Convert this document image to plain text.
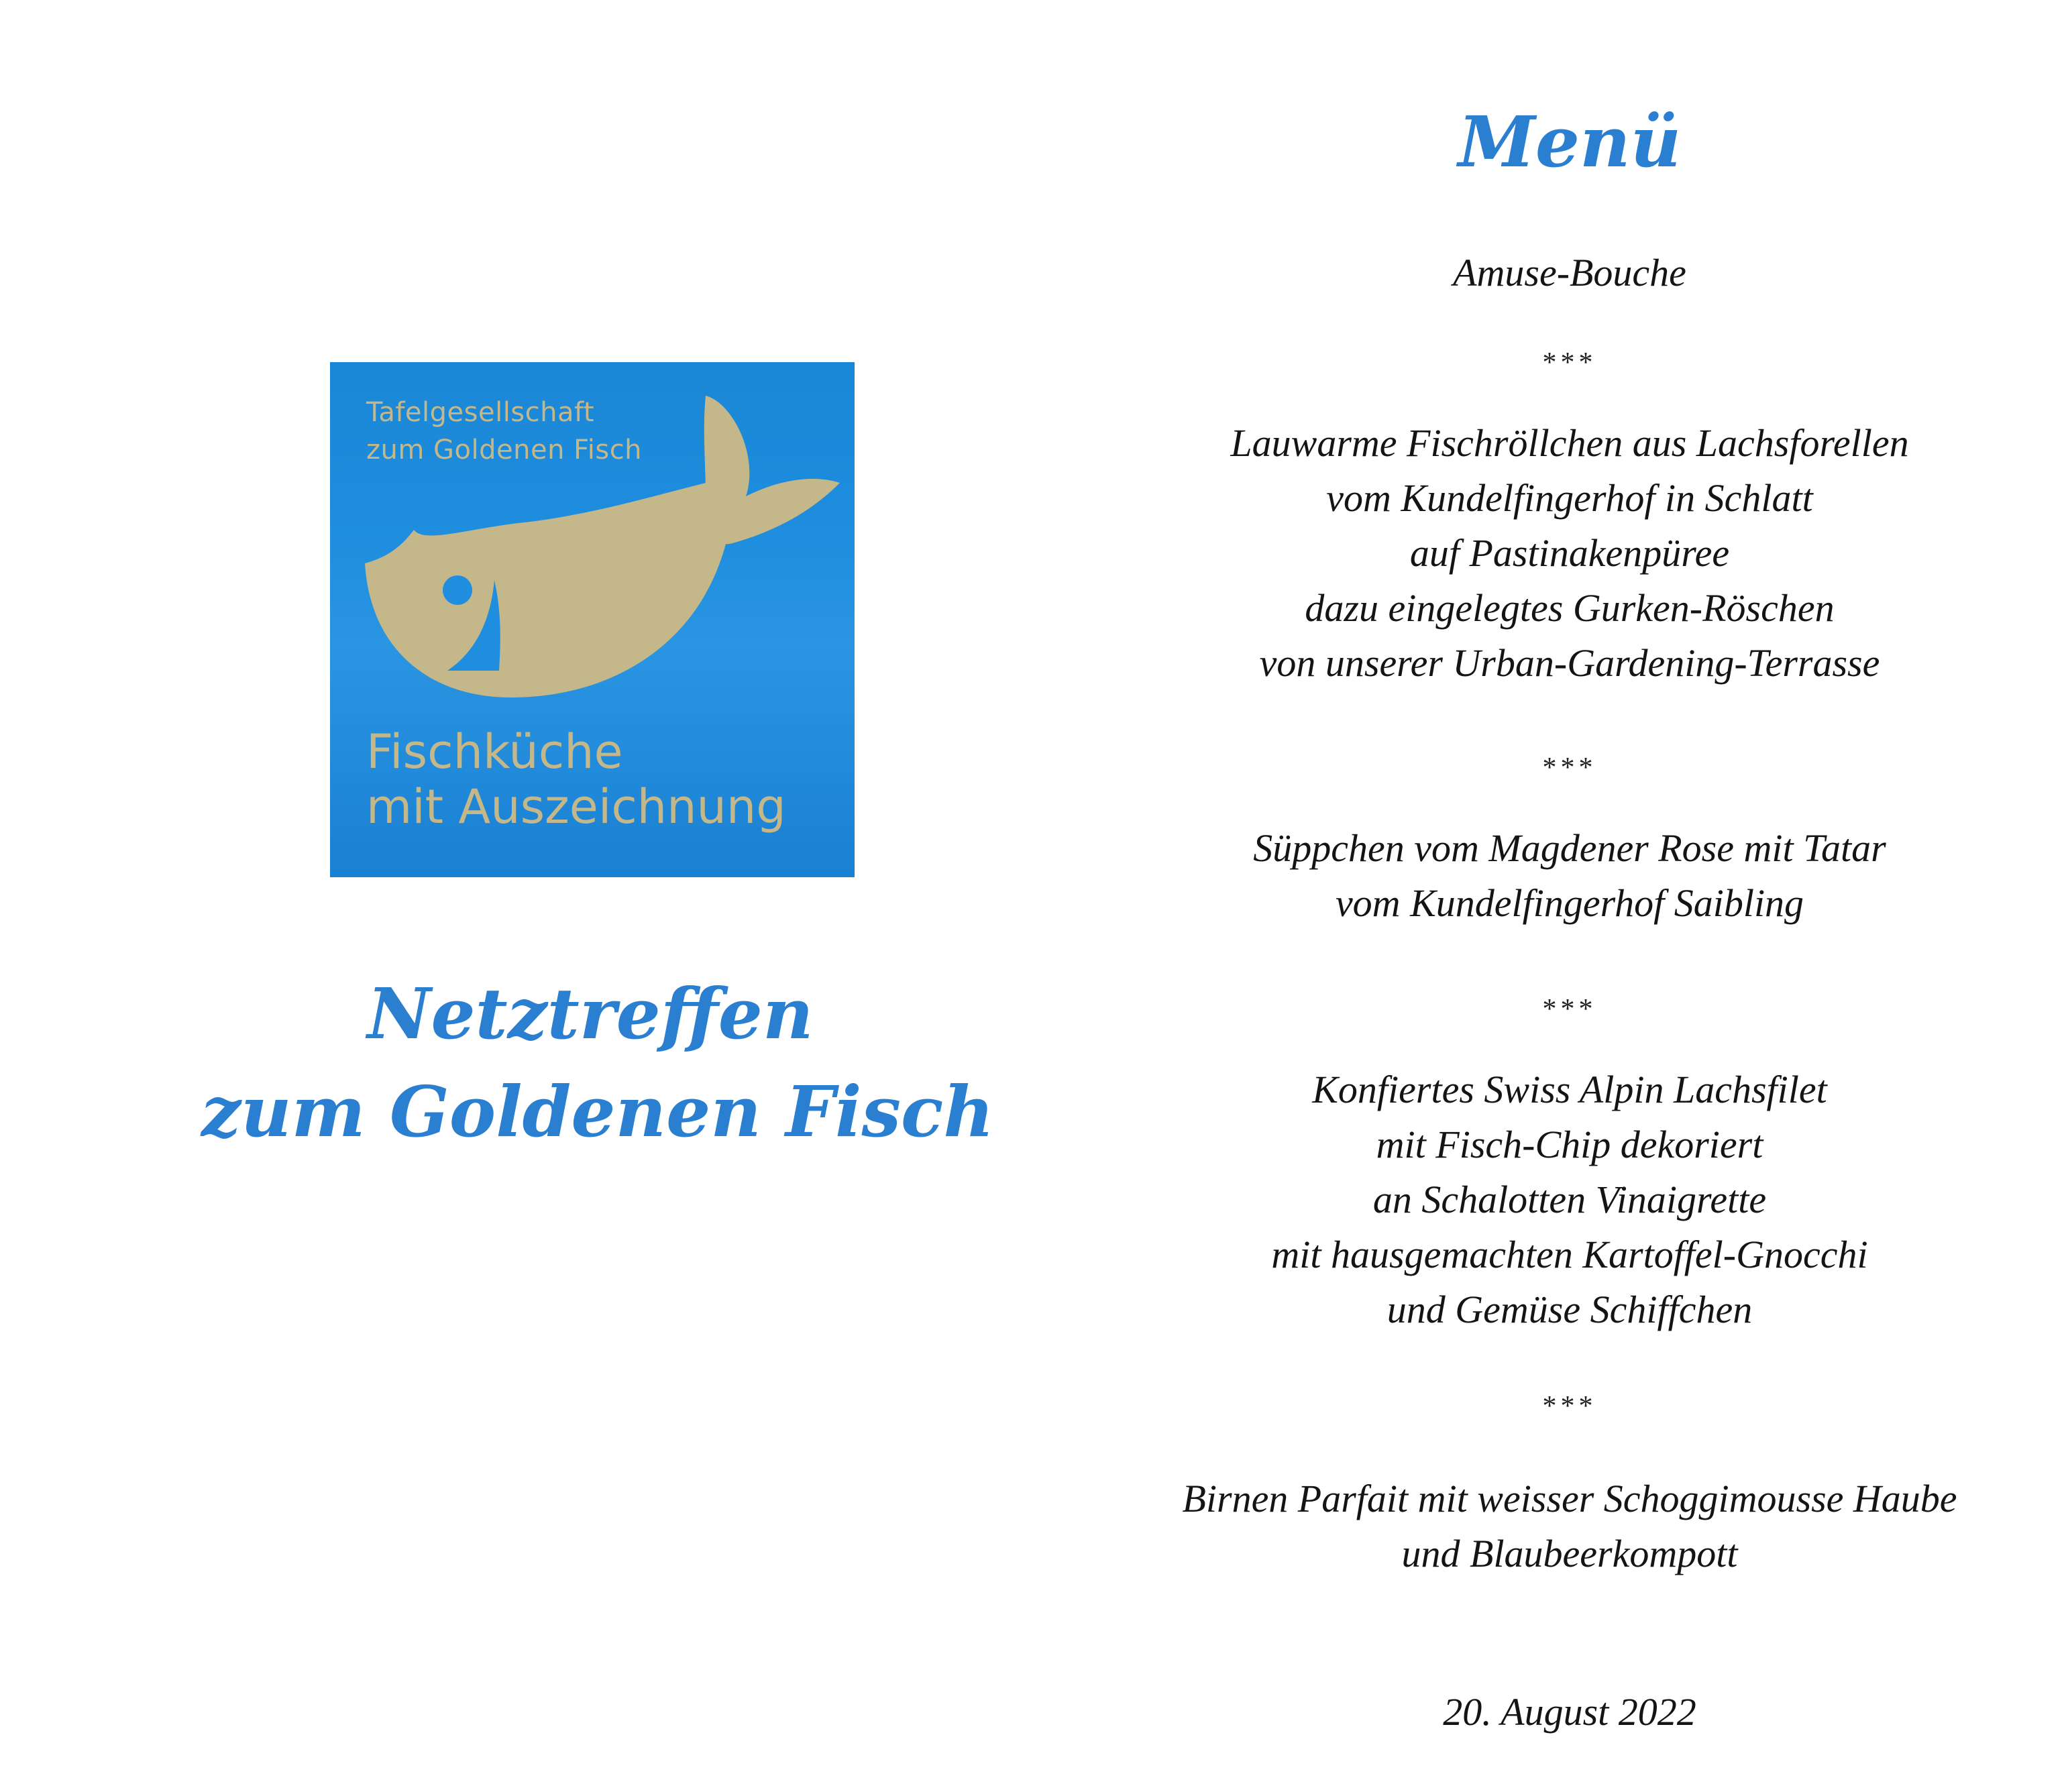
Tafelgesellschaft
zum Goldenen Fisch
Fischküche
mit Auszeichnung
Netztreffen
zum Goldenen Fisch
Menü
Amuse-Bouche
***
Lauwarme Fischröllchen aus Lachsforellen
vom Kundelfingerhof in Schlatt
auf Pastinakenpüree
dazu eingelegtes Gurken-Röschen
von unserer Urban-Gardening-Terrasse
***
Süppchen vom Magdener Rose mit Tatar
vom Kundelfingerhof Saibling
***
Konfiertes Swiss Alpin Lachsfilet
mit Fisch-Chip dekoriert
an Schalotten Vinaigrette
mit hausgemachten Kartoffel-Gnocchi
und Gemüse Schiffchen
***
Birnen Parfait mit weisser Schoggimousse Haube
und Blaubeerkompott
20. August 2022
